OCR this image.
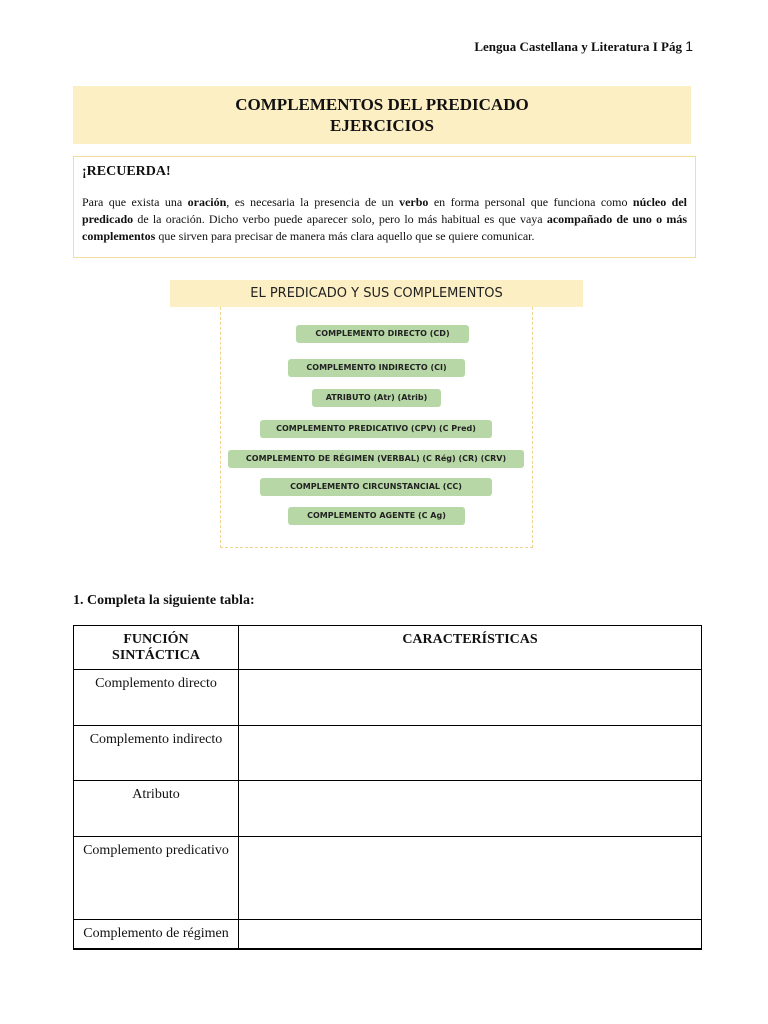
Lengua Castellana y Literatura I Pág 1
COMPLEMENTOS DEL PREDICADO
EJERCICIOS
¡RECUERDA!
Para que exista una oración, es necesaria la presencia de un verbo en forma personal que funciona como núcleo del predicado de la oración. Dicho verbo puede aparecer solo, pero lo más habitual es que vaya acompañado de uno o más complementos que sirven para precisar de manera más clara aquello que se quiere comunicar.
EL PREDICADO Y SUS COMPLEMENTOS
COMPLEMENTO DIRECTO (CD)
COMPLEMENTO INDIRECTO (CI)
ATRIBUTO (Atr) (Atrib)
COMPLEMENTO PREDICATIVO (CPV) (C Pred)
COMPLEMENTO DE RÉGIMEN (VERBAL) (C Rég) (CR) (CRV)
COMPLEMENTO CIRCUNSTANCIAL (CC)
COMPLEMENTO AGENTE (C Ag)
1. Completa la siguiente tabla:
FUNCIÓN SINTÁCTICA	CARACTERÍSTICAS
Complemento directo	
Complemento indirecto	
Atributo	
Complemento predicativo	
Complemento de régimen	
